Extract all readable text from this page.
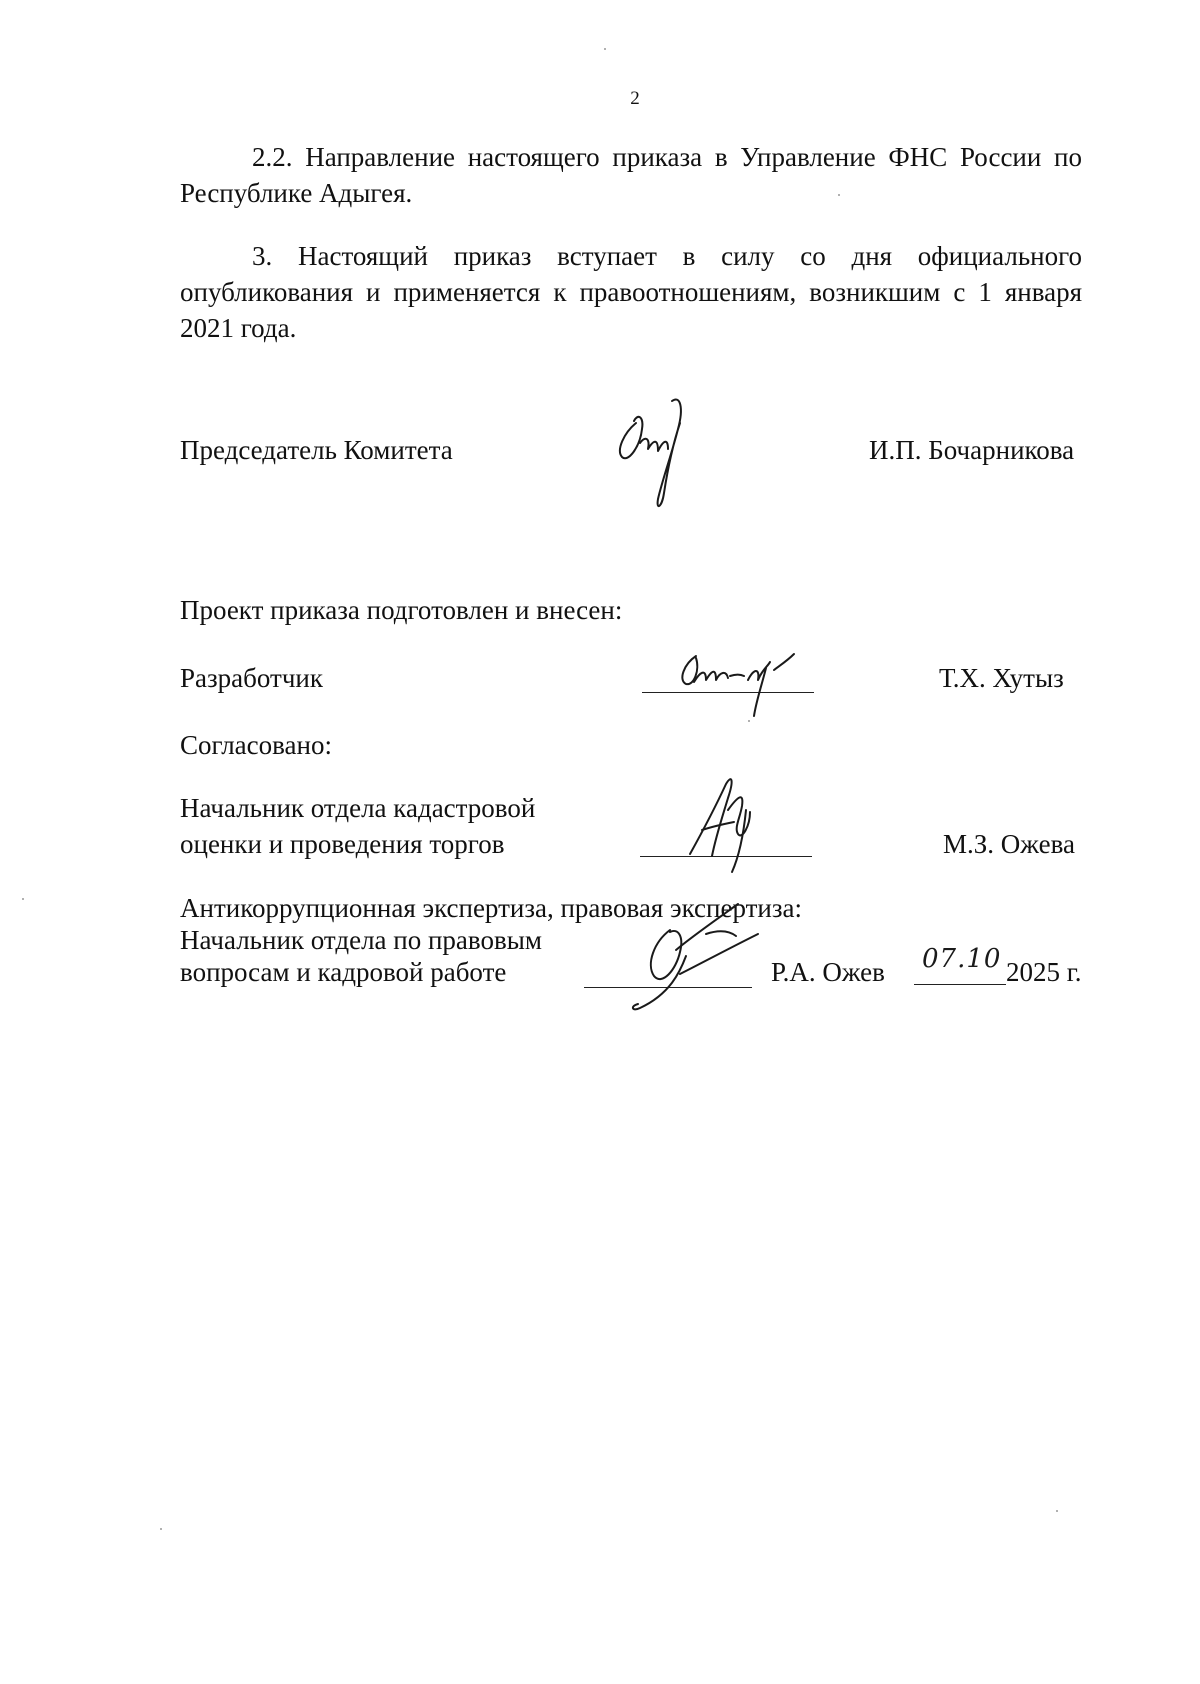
2
2.2. Направление настоящего приказа в Управление ФНС России по Республике Адыгея.
3. Настоящий приказ вступает в силу со дня официального опубликования и применяется к правоотношениям, возникшим с 1 января 2021 года.
Председатель Комитета	И.П. Бочарникова
Проект приказа подготовлен и внесен:
Разработчик	Т.Х. Хутыз
Согласовано:
Начальник отдела кадастровой
оценки и проведения торгов	М.З. Ожева
Антикоррупционная экспертиза, правовая экспертиза:
Начальник отдела по правовым
вопросам и кадровой работе	Р.А. Ожев 07.10 2025 г.
